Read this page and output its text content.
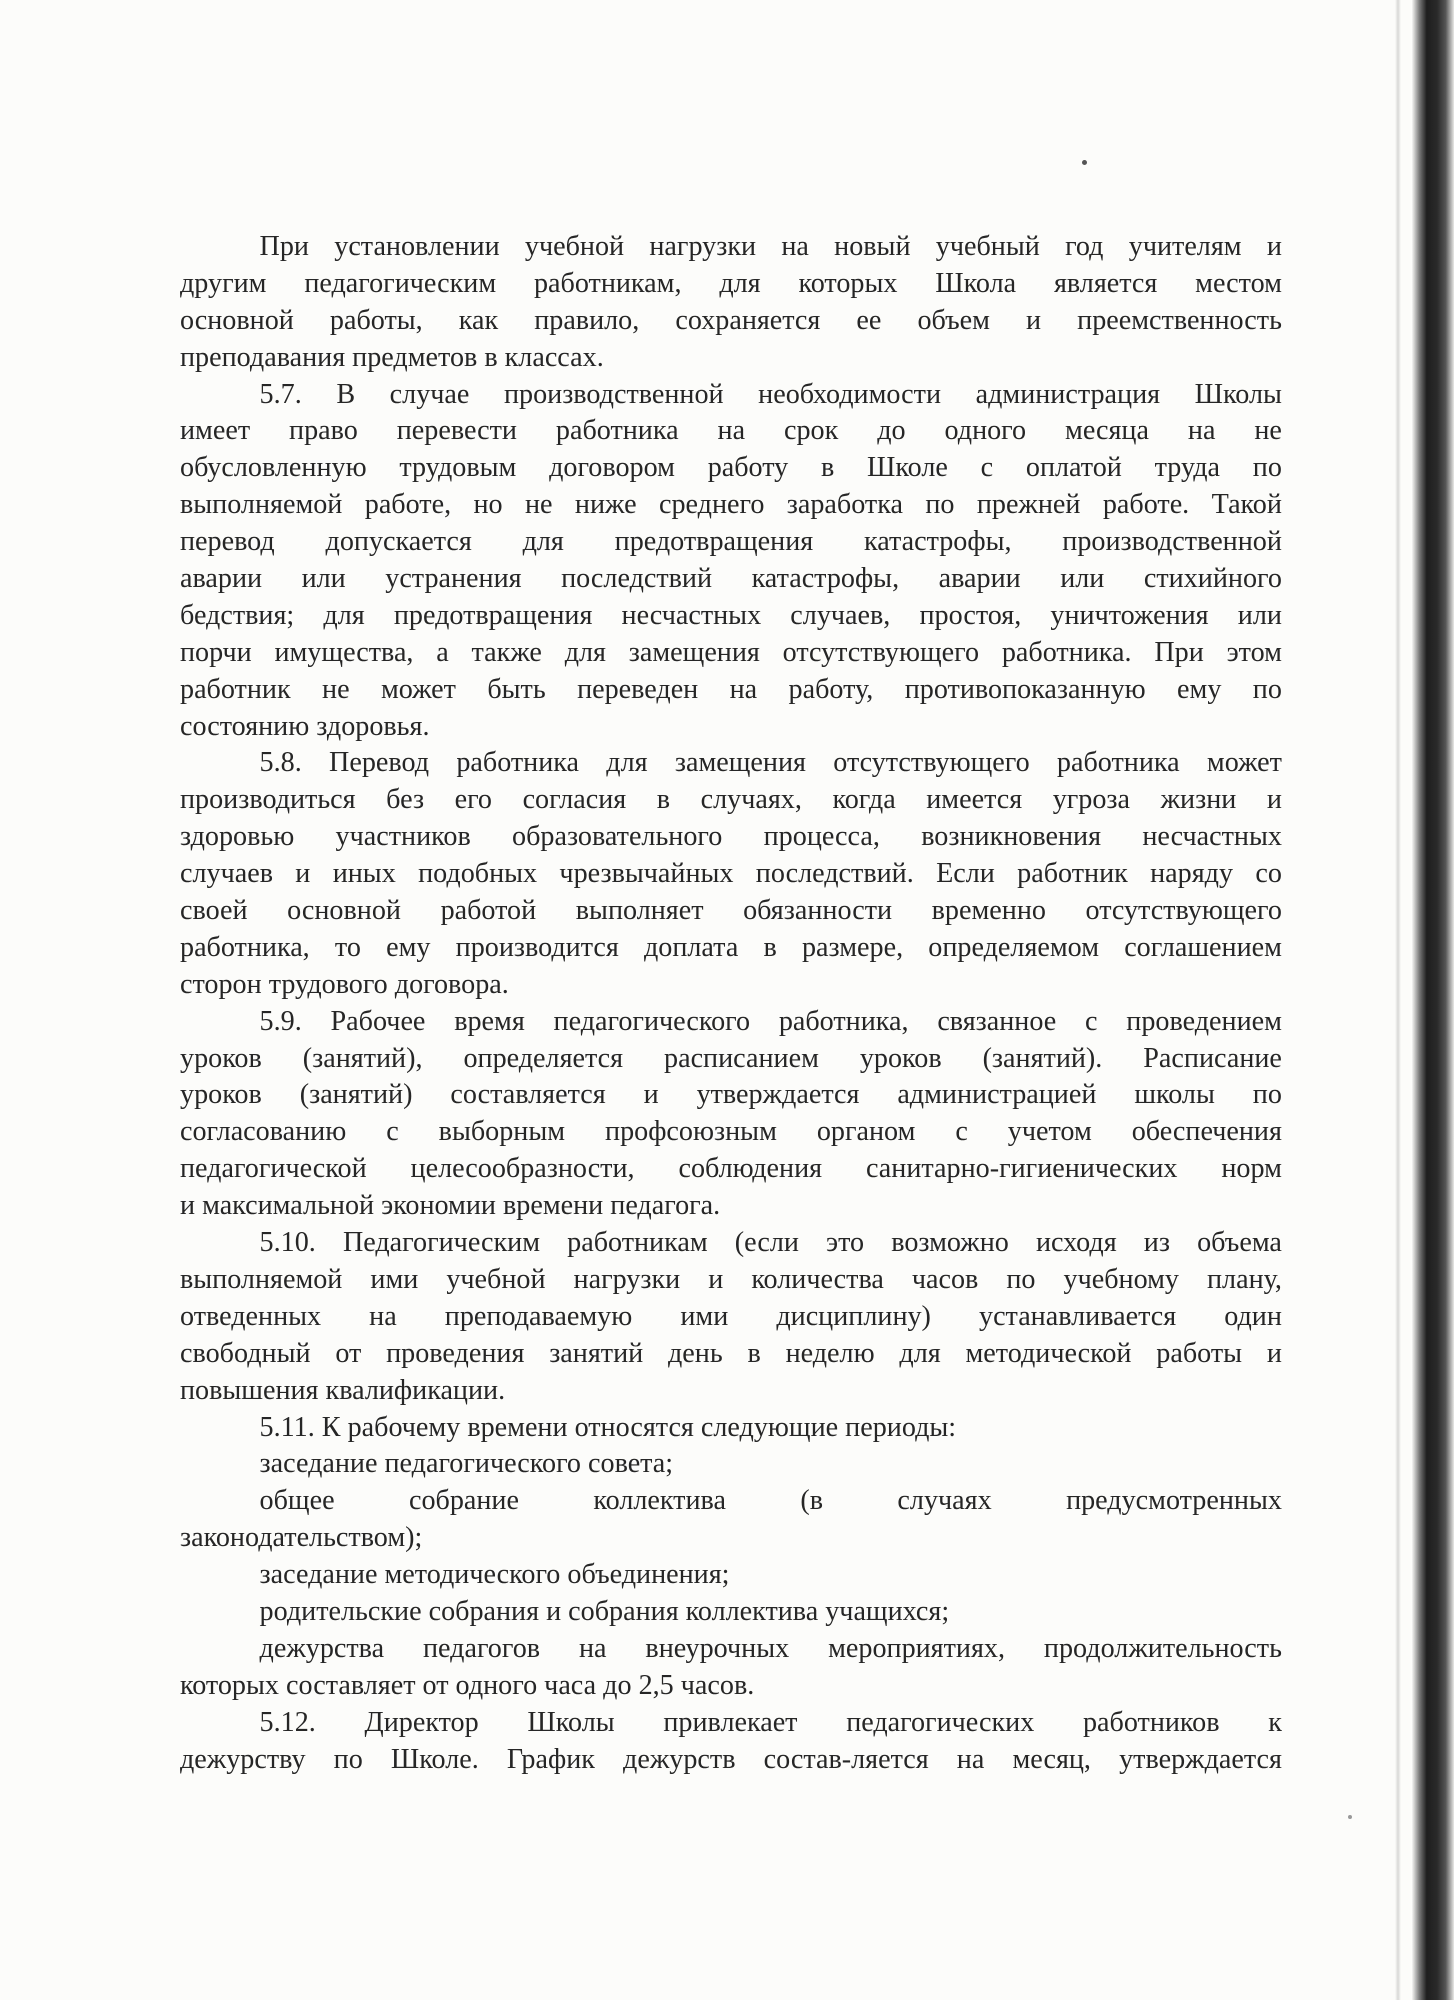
При установлении учебной нагрузки на новый учебный год учителям и
другим педагогическим работникам, для которых Школа является местом
основной работы, как правило, сохраняется ее объем и преемственность
преподавания предметов в классах.
5.7. В случае производственной необходимости администрация Школы
имеет право перевести работника на срок до одного месяца на не
обусловленную трудовым договором работу в Школе с оплатой труда по
выполняемой работе, но не ниже среднего заработка по прежней работе. Такой
перевод допускается для предотвращения катастрофы, производственной
аварии или устранения последствий катастрофы, аварии или стихийного
бедствия; для предотвращения несчастных случаев, простоя, уничтожения или
порчи имущества, а также для замещения отсутствующего работника. При этом
работник не может быть переведен на работу, противопоказанную ему по
состоянию здоровья.
5.8. Перевод работника для замещения отсутствующего работника может
производиться без его согласия в случаях, когда имеется угроза жизни и
здоровью участников образовательного процесса, возникновения несчастных
случаев и иных подобных чрезвычайных последствий. Если работник наряду со
своей основной работой выполняет обязанности временно отсутствующего
работника, то ему производится доплата в размере, определяемом соглашением
сторон трудового договора.
5.9. Рабочее время педагогического работника, связанное с проведением
уроков (занятий), определяется расписанием уроков (занятий). Расписание
уроков (занятий) составляется и утверждается администрацией школы по
согласованию с выборным профсоюзным органом с учетом обеспечения
педагогической целесообразности, соблюдения санитарно-гигиенических норм
и максимальной экономии времени педагога.
5.10. Педагогическим работникам (если это возможно исходя из объема
выполняемой ими учебной нагрузки и количества часов по учебному плану,
отведенных на преподаваемую ими дисциплину) устанавливается один
свободный от проведения занятий день в неделю для методической работы и
повышения квалификации.
5.11. К рабочему времени относятся следующие периоды:
заседание педагогического совета;
общее собрание коллектива (в случаях предусмотренных
законодательством);
заседание методического объединения;
родительские собрания и собрания коллектива учащихся;
дежурства педагогов на внеурочных мероприятиях, продолжительность
которых составляет от одного часа до 2,5 часов.
5.12. Директор Школы привлекает педагогических работников к
дежурству по Школе. График дежурств состав-ляется на месяц, утверждается
